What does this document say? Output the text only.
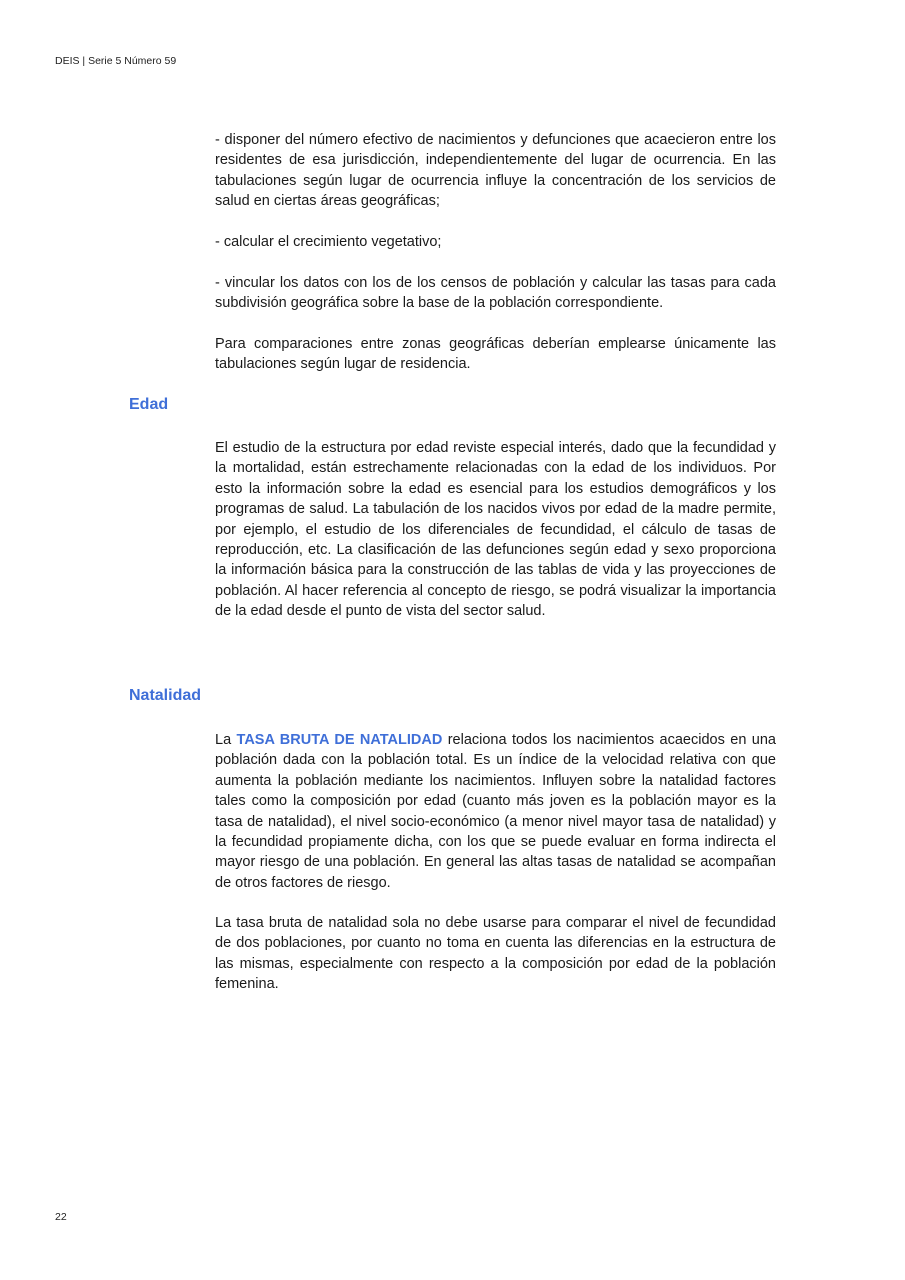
DEIS | Serie 5 Número 59

- disponer del número efectivo de nacimientos y defunciones que acaecieron entre los residentes de esa jurisdicción, independientemente del lugar de ocurrencia. En las tabulaciones según lugar de ocurrencia influye la concentración de los servicios de salud en ciertas áreas geográficas;

- calcular el crecimiento vegetativo;

- vincular los datos con los de los censos de población y calcular las tasas para cada subdivisión geográfica sobre la base de la población correspondiente.

Para comparaciones entre zonas geográficas deberían emplearse únicamente las tabulaciones según lugar de residencia.

Edad

El estudio de la estructura por edad reviste especial interés, dado que la fecundidad y la mortalidad, están estrechamente relacionadas con la edad de los individuos. Por esto la información sobre la edad es esencial para los estudios demográficos y los programas de salud. La tabulación de los nacidos vivos por edad de la madre permite, por ejemplo, el estudio de los diferenciales de fecundidad, el cálculo de tasas de reproducción, etc. La clasificación de las defunciones según edad y sexo proporciona la información básica para la construcción de las tablas de vida y las proyecciones de población. Al hacer referencia al concepto de riesgo, se podrá visualizar la importancia de la edad desde el punto de vista del sector salud.

Natalidad

La TASA BRUTA DE NATALIDAD relaciona todos los nacimientos acaecidos en una población dada con la población total. Es un índice de la velocidad relativa con que aumenta la población mediante los nacimientos. Influyen sobre la natalidad factores tales como la composición por edad (cuanto más joven es la población mayor es la tasa de natalidad), el nivel socio-económico (a menor nivel mayor tasa de natalidad) y la fecundidad propiamente dicha, con los que se puede evaluar en forma indirecta el mayor riesgo de una población. En general las altas tasas de natalidad se acompañan de otros factores de riesgo.

La tasa bruta de natalidad sola no debe usarse para comparar el nivel de fecundidad de dos poblaciones, por cuanto no toma en cuenta las diferencias en la estructura de las mismas, especialmente con respecto a la composición por edad de la población femenina.

22
